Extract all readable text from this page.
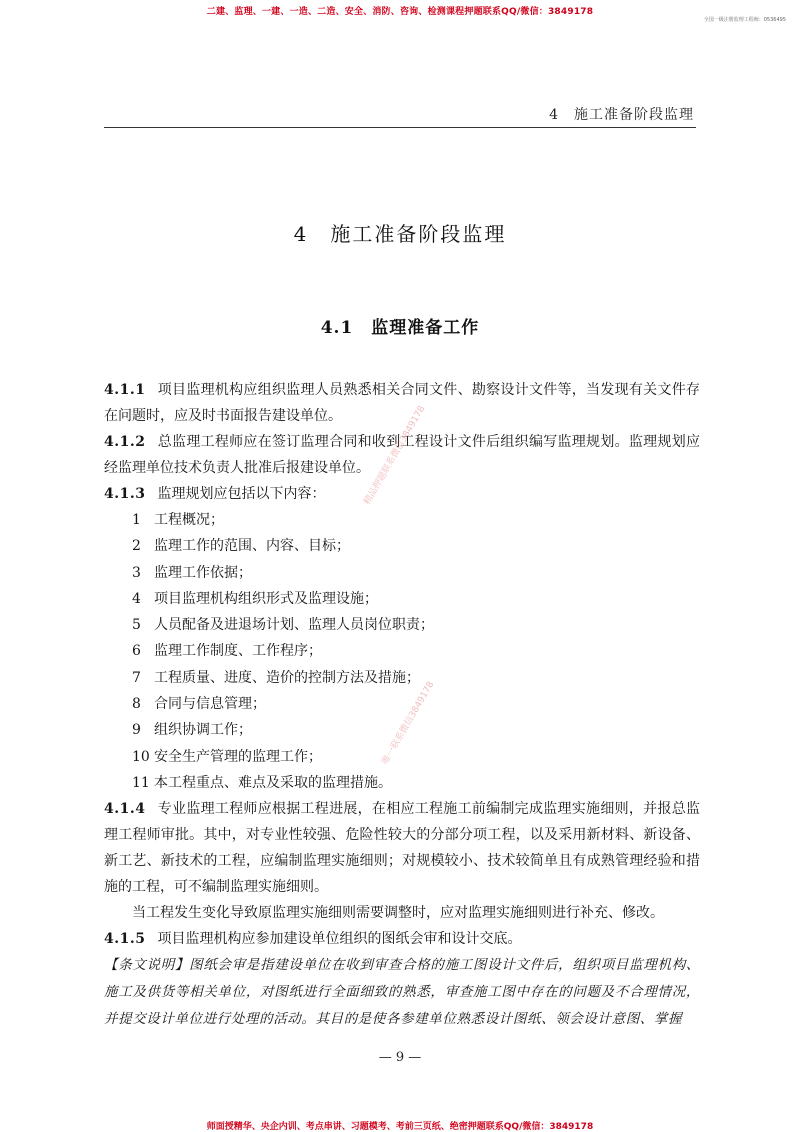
二建、监理、一建、一造、二造、安全、消防、咨询、检测课程押题联系QQ/微信：3849178
全国一级注册监理工程师：0536495
4　施工准备阶段监理
4　施工准备阶段监理
4.1　监理准备工作

4.1.1 项目监理机构应组织监理人员熟悉相关合同文件、勘察设计文件等，当发现有关文件存在问题时，应及时书面报告建设单位。

4.1.2 总监理工程师应在签订监理合同和收到工程设计文件后组织编写监理规划。监理规划应经监理单位技术负责人批准后报建设单位。

4.1.3 监理规划应包括以下内容：

1 工程概况；
2 监理工作的范围、内容、目标；
3 监理工作依据；
4 项目监理机构组织形式及监理设施；
5 人员配备及进退场计划、监理人员岗位职责；
6 监理工作制度、工作程序；
7 工程质量、进度、造价的控制方法及措施；
8 合同与信息管理；
9 组织协调工作；
10 安全生产管理的监理工作；
11 本工程重点、难点及采取的监理措施。

4.1.4 专业监理工程师应根据工程进展，在相应工程施工前编制完成监理实施细则，并报总监理工程师审批。其中，对专业性较强、危险性较大的分部分项工程，以及采用新材料、新设备、新工艺、新技术的工程，应编制监理实施细则；对规模较小、技术较简单且有成熟管理经验和措施的工程，可不编制监理实施细则。

当工程发生变化导致原监理实施细则需要调整时，应对监理实施细则进行补充、修改。

4.1.5 项目监理机构应参加建设单位组织的图纸会审和设计交底。

【条文说明】图纸会审是指建设单位在收到审查合格的施工图设计文件后，组织项目监理机构、施工及供货等相关单位，对图纸进行全面细致的熟悉，审查施工图中存在的问题及不合理情况，并提交设计单位进行处理的活动。其目的是使各参建单位熟悉设计图纸、领会设计意图、掌握

精品押题联系微信3849178
唯一联系微信3849178
— 9 —
师面授精华、央企内训、考点串讲、习题模考、考前三页纸、绝密押题联系QQ/微信：3849178
